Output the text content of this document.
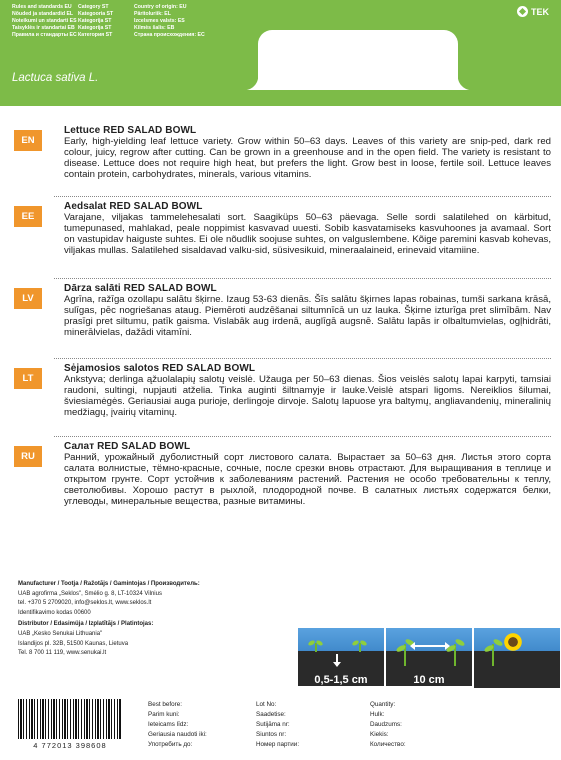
Rules and standards EU
Nõuded ja standardid EL
Noteikumi un standarti ES
Taisyklės ir standartai EB
Правила и стандарты ЕС
Category ST
Kategooria ST
Kategorija ST
Kategorija ST
Категория ST
Country of origin: EU
Päritoluriik: EL
Izcelsmes valsts: ES
Kilmės šalis: EB
Страна происхождения: ЕС
TEK
Lactuca sativa L.
EN
Lettuce RED SALAD BOWL
Early, high-yielding leaf lettuce variety. Grow within 50–63 days. Leaves of this variety are snip-ped, dark red colour, juicy, regrow after cutting. Can be grown in a greenhouse and in the open field. The variety is resistant to disease. Lettuce does not require high heat, but prefers the light. Grow best in loose, fertile soil. Lettuce leaves contain protein, carbohydrates, minerals, various vitamins.
EE
Aedsalat RED SALAD BOWL
Varajane, viljakas tammelehesalati sort. Saagiküps 50–63 päevaga. Selle sordi salatilehed on kärbitud, tumepunased, mahlakad, peale noppimist kasvavad uuesti. Sobib kasvatamiseks kasvuhoones ja avamaal. Sort on vastupidav haiguste suhtes. Ei ole nõudlik soojuse suhtes, on valguslembene. Kõige paremini kasvab kohevas, viljakas mullas. Salatilehed sisaldavad valku-sid, süsivesikuid, mineraalaineid, erinevaid vitamiine.
LV
Dārza salāti RED SALAD BOWL
Agrīna, ražīga ozollapu salātu šķirne. Izaug 53-63 dienās. Šīs salātu šķirnes lapas robainas, tumši sarkana krāsā, sulīgas, pēc nogriešanas ataug. Piemēroti audzēšanai siltumnīcā un uz lauka. Šķirne izturīga pret slimībām. Nav prasīgi pret siltumu, patīk gaisma. Vislabāk aug irdenā, auglīgā augsnē. Salātu lapās ir olbaltumvielas, ogļhidrāti, minerālvielas, dažādi vitamīni.
LT
Sėjamosios salotos RED SALAD BOWL
Ankstyva; derlinga ąžuolalapių salotų veislė. Užauga per 50–63 dienas. Šios veislės salotų lapai karpyti, tamsiai raudoni, sultingi, nupjauti atželia. Tinka auginti šiltnamyje ir lauke.Veislė atspari ligoms. Nereiklios šilumai, šviesiamėgės. Geriausiai auga purioje, derlingoje dirvoje. Salotų lapuose yra baltymų, angliavandenių, mineralinių medžiagų, įvairių vitaminų.
RU
Салат RED SALAD BOWL
Ранний, урожайный дуболистный сорт листового салата. Вырастает за 50–63 дня. Листья этого сорта салата волнистые, тёмно-красные, сочные, после срезки вновь отрастают. Для выращивания в теплице и открытом грунте. Сорт устойчив к заболеваниям растений. Растения не особо требовательны к теплу, светолюбивы. Хорошо растут в рыхлой, плодородной почве. В салатных листьях содержатся белки, углеводы, минеральные вещества, разные витамины.
Manufacturer / Tootja / Ražotājs / Gamintojas / Производитель:
UAB agrofirma „Seklos", Smėlio g. 8, LT-10324 Vilnius
tel. +370 5 2709020, info@seklos.lt, www.seklos.lt
Identifikavimo kodas 00600
Distributor / Edasimüja / Izplatītājs / Platintojas:
UAB „Kesko Senukai Lithuania"
Islandijos pl. 32B, 51500 Kaunas, Lietuva
Tel. 8 700 11 119, www.senukai.lt
0,5-1,5 cm	10 cm
4 772013 398608
Best before:
Parim kuni:
Ieteicams līdz:
Geriausia naudoti iki:
Употребить до:
Lot No:
Saadetise:
Sutijāma nr:
Siuntos nr:
Номер партии:
Quantity:
Hulk:
Daudzums:
Kiekis:
Количество:
